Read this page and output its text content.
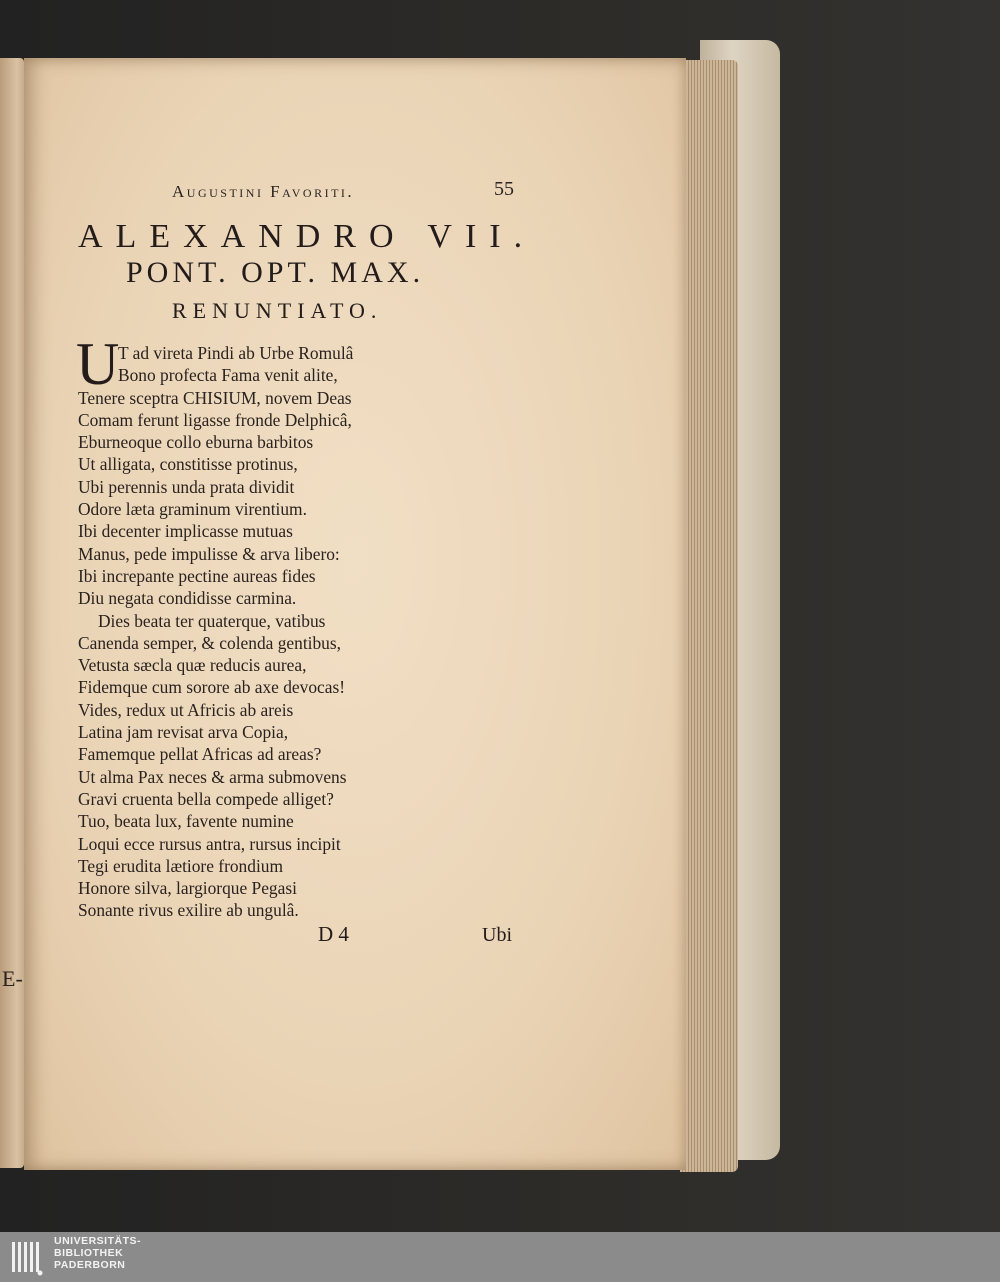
E-
Augustini Favoriti.	55
ALEXANDRO VII.
PONT. OPT. MAX.
RENUNTIATO.
U
T ad vireta Pindi ab Urbe Romulâ
Bono profecta Fama venit alite,
Tenere sceptra CHISIUM, novem Deas
Comam ferunt ligasse fronde Delphicâ,
Eburneoque collo eburna barbitos
Ut alligata, constitisse protinus,
Ubi perennis unda prata dividit
Odore læta graminum virentium.
Ibi decenter implicasse mutuas
Manus, pede impulisse & arva libero:
Ibi increpante pectine aureas fides
Diu negata condidisse carmina.
Dies beata ter quaterque, vatibus
Canenda semper, & colenda gentibus,
Vetusta sæcla quæ reducis aurea,
Fidemque cum sorore ab axe devocas!
Vides, redux ut Africis ab areis
Latina jam revisat arva Copia,
Famemque pellat Africas ad areas?
Ut alma Pax neces & arma submovens
Gravi cruenta bella compede alliget?
Tuo, beata lux, favente numine
Loqui ecce rursus antra, rursus incipit
Tegi erudita lætiore frondium
Honore silva, largiorque Pegasi
Sonante rivus exilire ab ungulâ.
D 4	Ubi
UNIVERSITÄTS-
BIBLIOTHEK
PADERBORN
